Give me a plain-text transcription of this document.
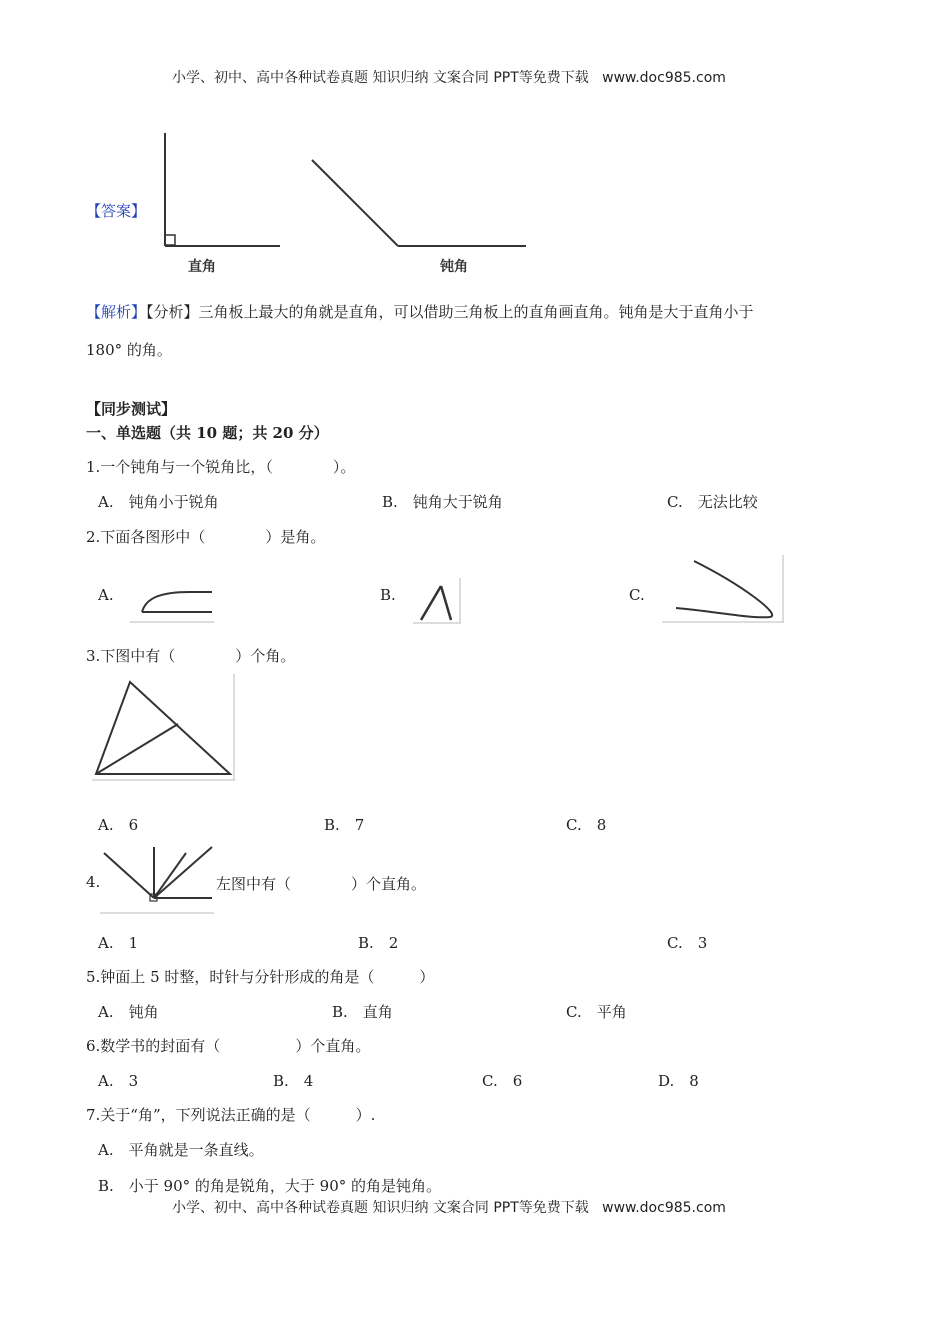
小学、初中、高中各种试卷真题 知识归纳 文案合同 PPT等免费下载 www.doc985.com
【答案】
直角	钝角
【解析】【分析】三角板上最大的角就是直角，可以借助三角板上的直角画直角。钝角是大于直角小于
180° 的角。
【同步测试】
一、单选题（共 10 题；共 20 分）
1.一个钝角与一个锐角比，（　　　　）。
A.　钝角小于锐角	B.　钝角大于锐角	C.　无法比较
2.下面各图形中（　　　　）是角。
A.	B.	C.
3.下图中有（　　　　）个角。
A.　6	B.　7	C.　8
4.	左图中有（　　　　）个直角。
A.　1	B.　2	C.　3
5.钟面上 5 时整，时针与分针形成的角是（　　　）
A.　钝角	B.　直角	C.　平角
6.数学书的封面有（　　　　　）个直角。
A.　3	B.　4	C.　6	D.　8
7.关于“角”，下列说法正确的是（　　　）.
A.　平角就是一条直线。
B.　小于 90° 的角是锐角，大于 90° 的角是钝角。
小学、初中、高中各种试卷真题 知识归纳 文案合同 PPT等免费下载 www.doc985.com
